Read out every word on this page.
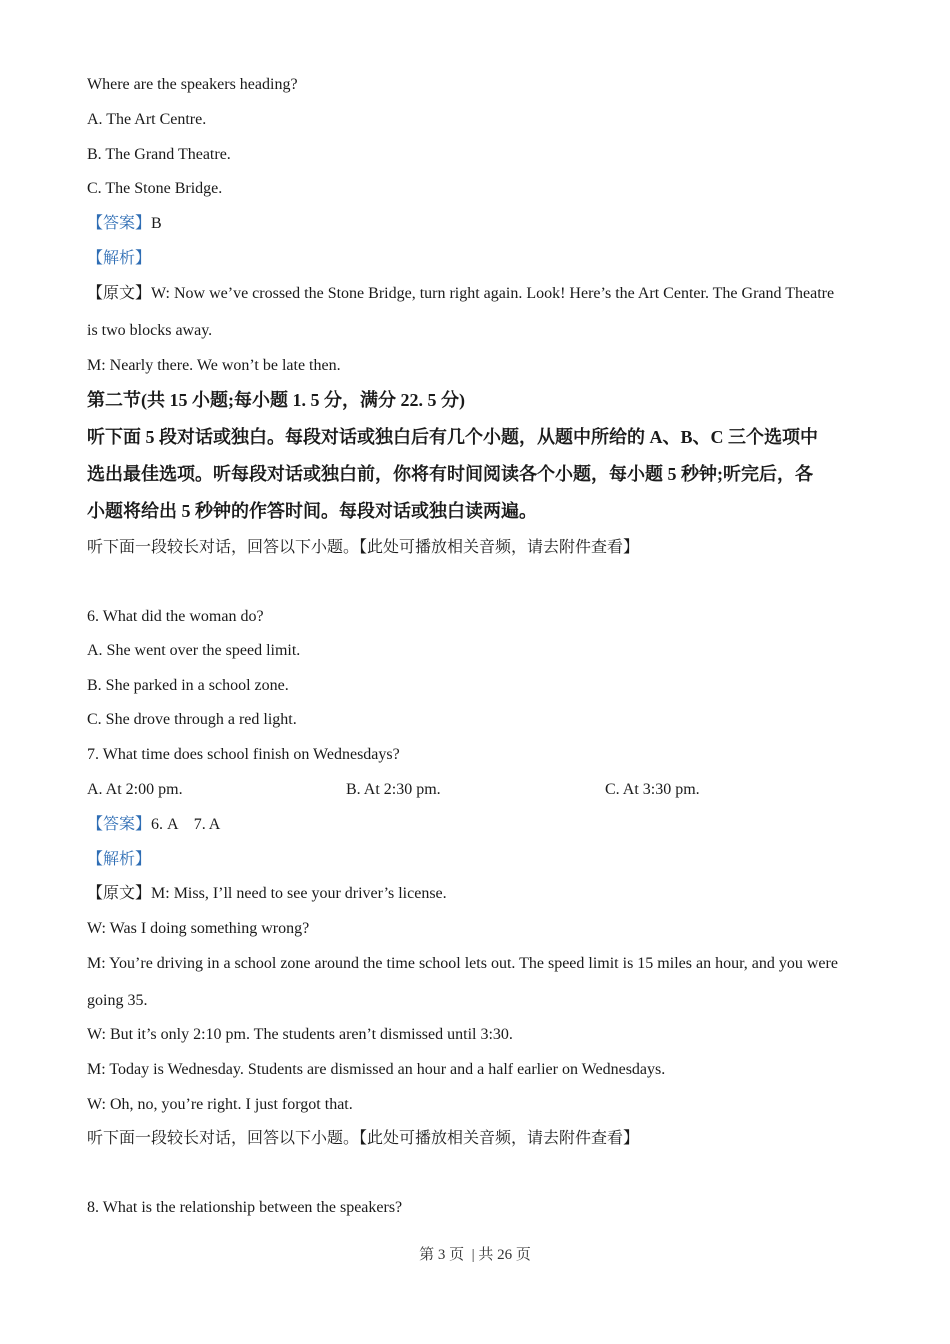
Where are the speakers heading?
A. The Art Centre.
B. The Grand Theatre.
C. The Stone Bridge.
【答案】B
【解析】
【原文】W: Now we’ve crossed the Stone Bridge, turn right again. Look! Here’s the Art Center. The Grand Theatre
is two blocks away.
M: Nearly there. We won’t be late then.
第二节(共 15 小题;每小题 1. 5 分，满分 22. 5 分)
听下面 5 段对话或独白。每段对话或独白后有几个小题，从题中所给的 A、B、C 三个选项中
选出最佳选项。听每段对话或独白前，你将有时间阅读各个小题，每小题 5 秒钟;听完后，各
小题将给出 5 秒钟的作答时间。每段对话或独白读两遍。
听下面一段较长对话，回答以下小题。【此处可播放相关音频，请去附件查看】
6. What did the woman do?
A. She went over the speed limit.
B. She parked in a school zone.
C. She drove through a red light.
7. What time does school finish on Wednesdays?
A. At 2:00 pm.	B. At 2:30 pm.	C. At 3:30 pm.
【答案】6. A    7. A
【解析】
【原文】M: Miss, I’ll need to see your driver’s license.
W: Was I doing something wrong?
M: You’re driving in a school zone around the time school lets out. The speed limit is 15 miles an hour, and you were
going 35.
W: But it’s only 2:10 pm. The students aren’t dismissed until 3:30.
M: Today is Wednesday. Students are dismissed an hour and a half earlier on Wednesdays.
W: Oh, no, you’re right. I just forgot that.
听下面一段较长对话，回答以下小题。【此处可播放相关音频，请去附件查看】
8. What is the relationship between the speakers?
第 3 页  | 共 26 页
